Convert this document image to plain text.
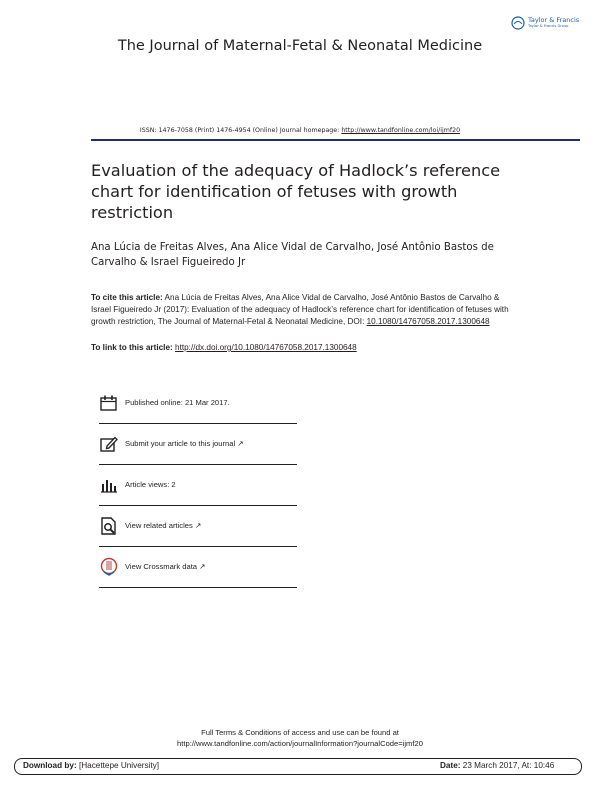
Taylor & Francis
Taylor & Francis Group
The Journal of Maternal-Fetal & Neonatal Medicine
ISSN: 1476-7058 (Print) 1476-4954 (Online) Journal homepage: http://www.tandfonline.com/loi/ijmf20
Evaluation of the adequacy of Hadlock’s reference chart for identification of fetuses with growth restriction
Ana Lúcia de Freitas Alves, Ana Alice Vidal de Carvalho, José Antônio Bastos de Carvalho & Israel Figueiredo Jr
To cite this article: Ana Lúcia de Freitas Alves, Ana Alice Vidal de Carvalho, José Antônio Bastos de Carvalho & Israel Figueiredo Jr (2017): Evaluation of the adequacy of Hadlock’s reference chart for identification of fetuses with growth restriction, The Journal of Maternal-Fetal & Neonatal Medicine, DOI: 10.1080/14767058.2017.1300648
To link to this article: http://dx.doi.org/10.1080/14767058.2017.1300648
Published online: 21 Mar 2017.
Submit your article to this journal ↗
Article views: 2
View related articles ↗
View Crossmark data ↗
Full Terms & Conditions of access and use can be found at
http://www.tandfonline.com/action/journalInformation?journalCode=ijmf20
Download by: [Hacettepe University]	Date: 23 March 2017, At: 10:46
